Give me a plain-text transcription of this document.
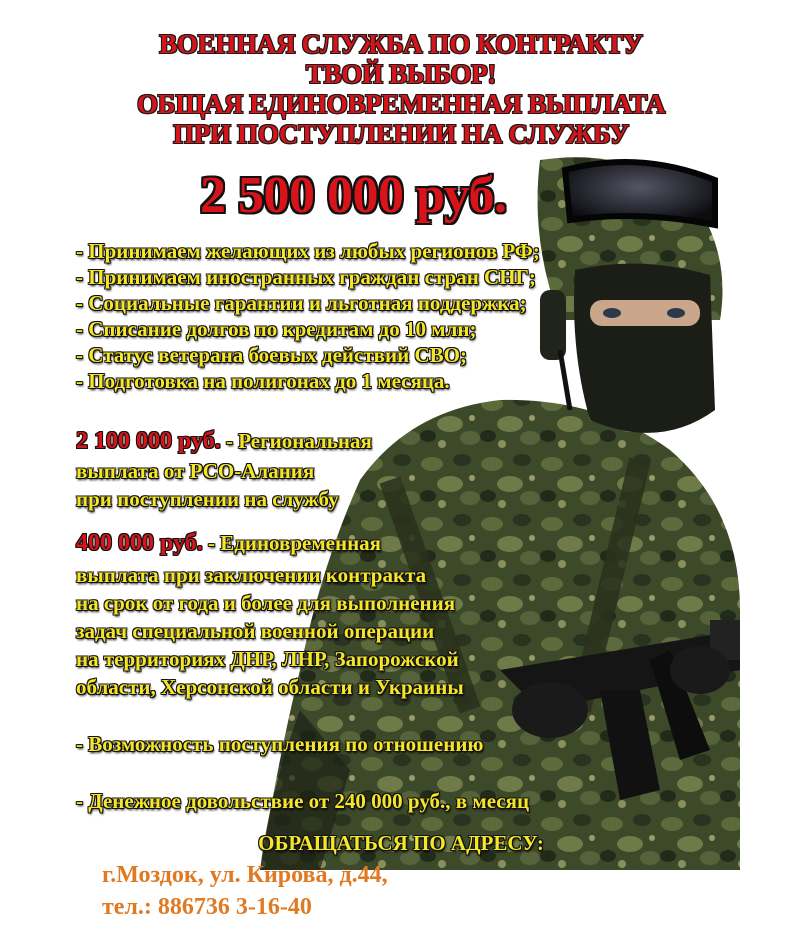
ВОЕННАЯ СЛУЖБА ПО КОНТРАКТУ
ТВОЙ ВЫБОР!
ОБЩАЯ ЕДИНОВРЕМЕННАЯ ВЫПЛАТА
ПРИ ПОСТУПЛЕНИИ НА СЛУЖБУ
2 500 000 руб.
- Принимаем желающих из любых регионов РФ;
- Принимаем иностранных граждан стран СНГ;
- Социальные гарантии и льготная поддержка;
- Списание долгов по кредитам до 10 млн;
- Статус ветерана боевых действий СВО;
- Подготовка на полигонах до 1 месяца.
2 100 000 руб. - Региональная
выплата от РСО-Алания
при поступлении на службу
400 000 руб. - Единовременная
выплата при заключении контракта
на срок от года и более для выполнения
задач специальной военной операции
на территориях ДНР, ЛНР, Запорожской
области, Херсонской области и Украины
- Возможность поступления по отношению
- Денежное довольствие от 240 000 руб., в месяц
ОБРАЩАТЬСЯ ПО АДРЕСУ:
г.Моздок, ул. Кирова, д.44,
тел.: 886736 3-16-40
